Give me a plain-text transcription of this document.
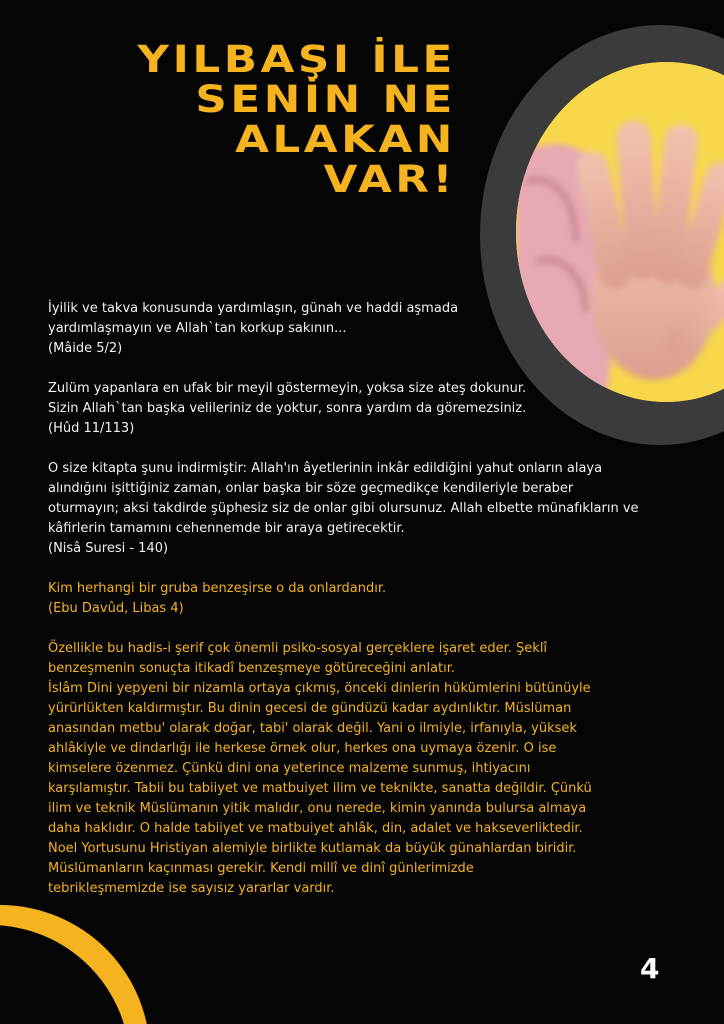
YILBAŞI İLE
SENİN NE
ALAKAN
VAR!

İyilik ve takva konusunda yardımlaşın, günah ve haddi aşmada
yardımlaşmayın ve Allah`tan korkup sakının...
(Mâide 5/2)

Zulüm yapanlara en ufak bir meyil göstermeyin, yoksa size ateş dokunur.
Sizin Allah`tan başka velileriniz de yoktur, sonra yardım da göremezsiniz.
(Hûd 11/113)

O size kitapta şunu indirmiştir: Allah'ın âyetlerinin inkâr edildiğini yahut onların alaya
alındığını işittiğiniz zaman, onlar başka bir söze geçmedikçe kendileriyle beraber
oturmayın; aksi takdirde şüphesiz siz de onlar gibi olursunuz. Allah elbette münafıkların ve
kâfirlerin tamamını cehennemde bir araya getirecektir.
(Nisâ Suresi - 140)

Kim herhangi bir gruba benzeşirse o da onlardandır.
(Ebu Davûd, Libas 4)

Özellikle bu hadis-i şerif çok önemli psiko-sosyal gerçeklere işaret eder. Şeklî
benzeşmenin sonuçta itikadî benzeşmeye götüreceğini anlatır.
İslâm Dini yepyeni bir nizamla ortaya çıkmış, önceki dinlerin hükümlerini bütünüyle
yürürlükten kaldırmıştır. Bu dinin gecesi de gündüzü kadar aydınlıktır. Müslüman
anasından metbu' olarak doğar, tabi' olarak değil. Yani o ilmiyle, irfanıyla, yüksek
ahlâkiyle ve dindarlığı ile herkese örnek olur, herkes ona uymaya özenir. O ise
kimselere özenmez. Çünkü dini ona yeterince malzeme sunmuş, ihtiyacını
karşılamıştır. Tabii bu tabiiyet ve matbuiyet ilim ve teknikte, sanatta değildir. Çünkü
ilim ve teknik Müslümanın yitik malıdır, onu nerede, kimin yanında bulursa almaya
daha haklıdır. O halde tabiiyet ve matbuiyet ahlâk, din, adalet ve hakseverliktedir.
Noel Yortusunu Hristiyan alemiyle birlikte kutlamak da büyük günahlardan biridir.
Müslümanların kaçınması gerekir. Kendi millî ve dinî günlerimizde
tebrikleşmemizde ise sayısız yararlar vardır.

4
